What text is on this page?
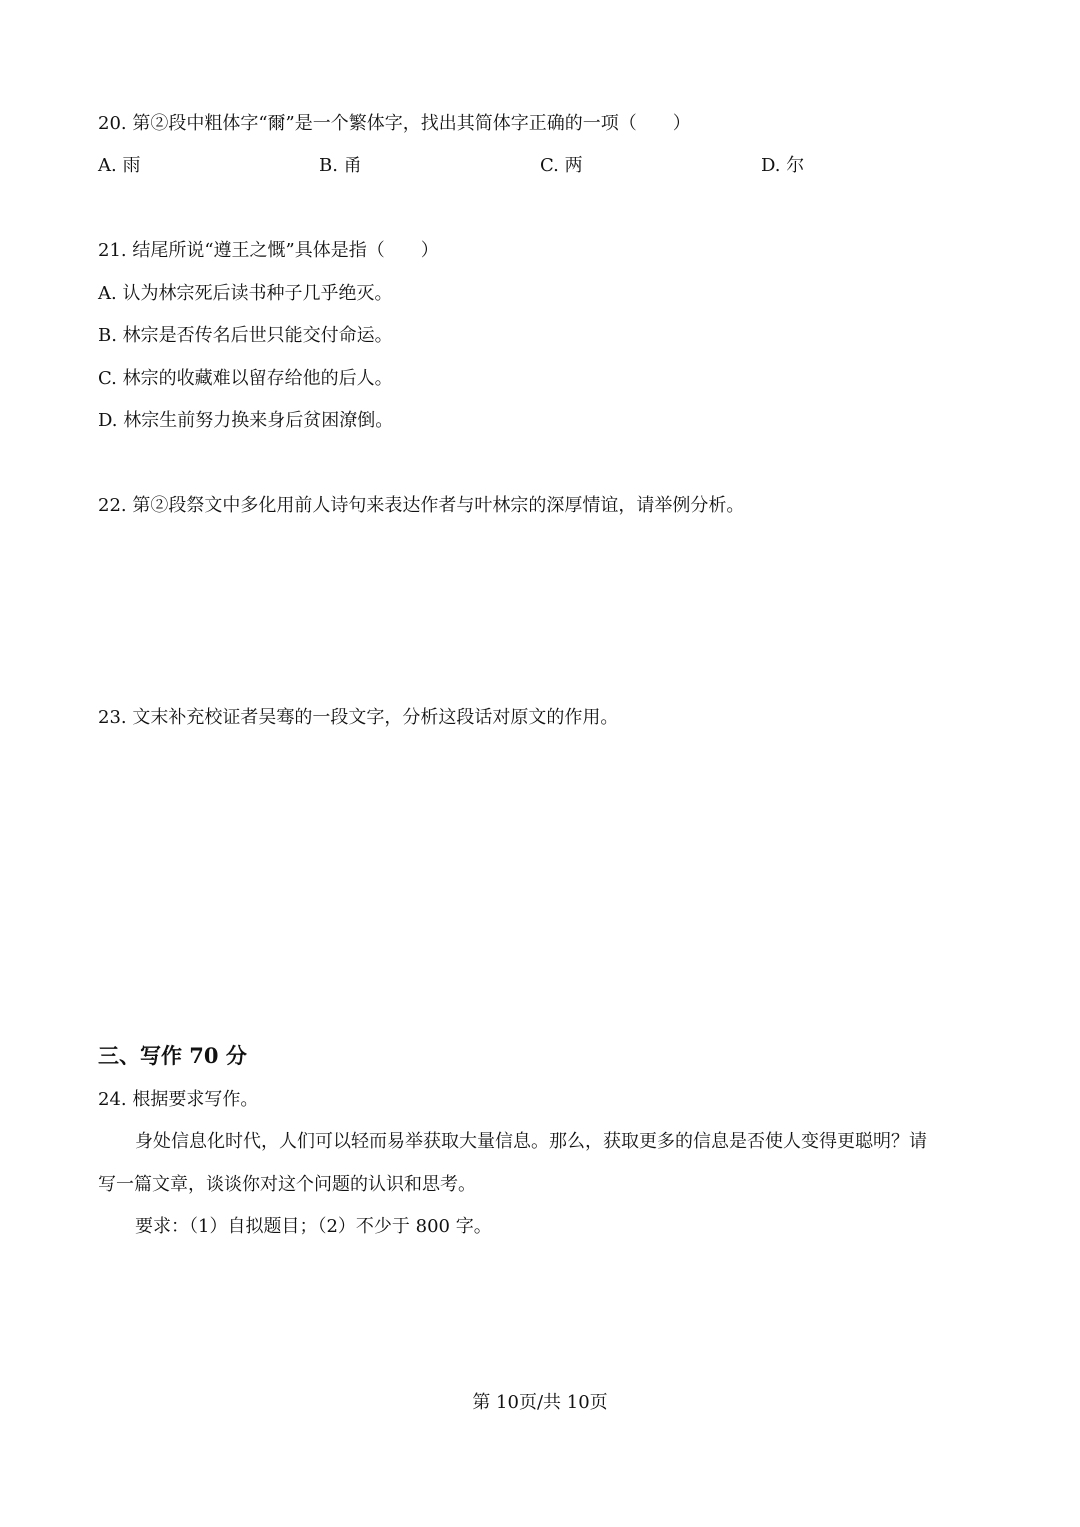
20. 第②段中粗体字“爾”是一个繁体字，找出其简体字正确的一项（　　）
A. 雨	B. 甬	C. 两	D. 尔
21. 结尾所说“遵王之慨”具体是指（　　）
A. 认为林宗死后读书种子几乎绝灭。
B. 林宗是否传名后世只能交付命运。
C. 林宗的收藏难以留存给他的后人。
D. 林宗生前努力换来身后贫困潦倒。
22. 第②段祭文中多化用前人诗句来表达作者与叶林宗的深厚情谊，请举例分析。
23. 文末补充校证者吴骞的一段文字，分析这段话对原文的作用。
三、写作 70 分
24. 根据要求写作。
身处信息化时代，人们可以轻而易举获取大量信息。那么，获取更多的信息是否使人变得更聪明？请
写一篇文章，谈谈你对这个问题的认识和思考。
要求：（1）自拟题目；（2）不少于 800 字。
第 10页/共 10页
